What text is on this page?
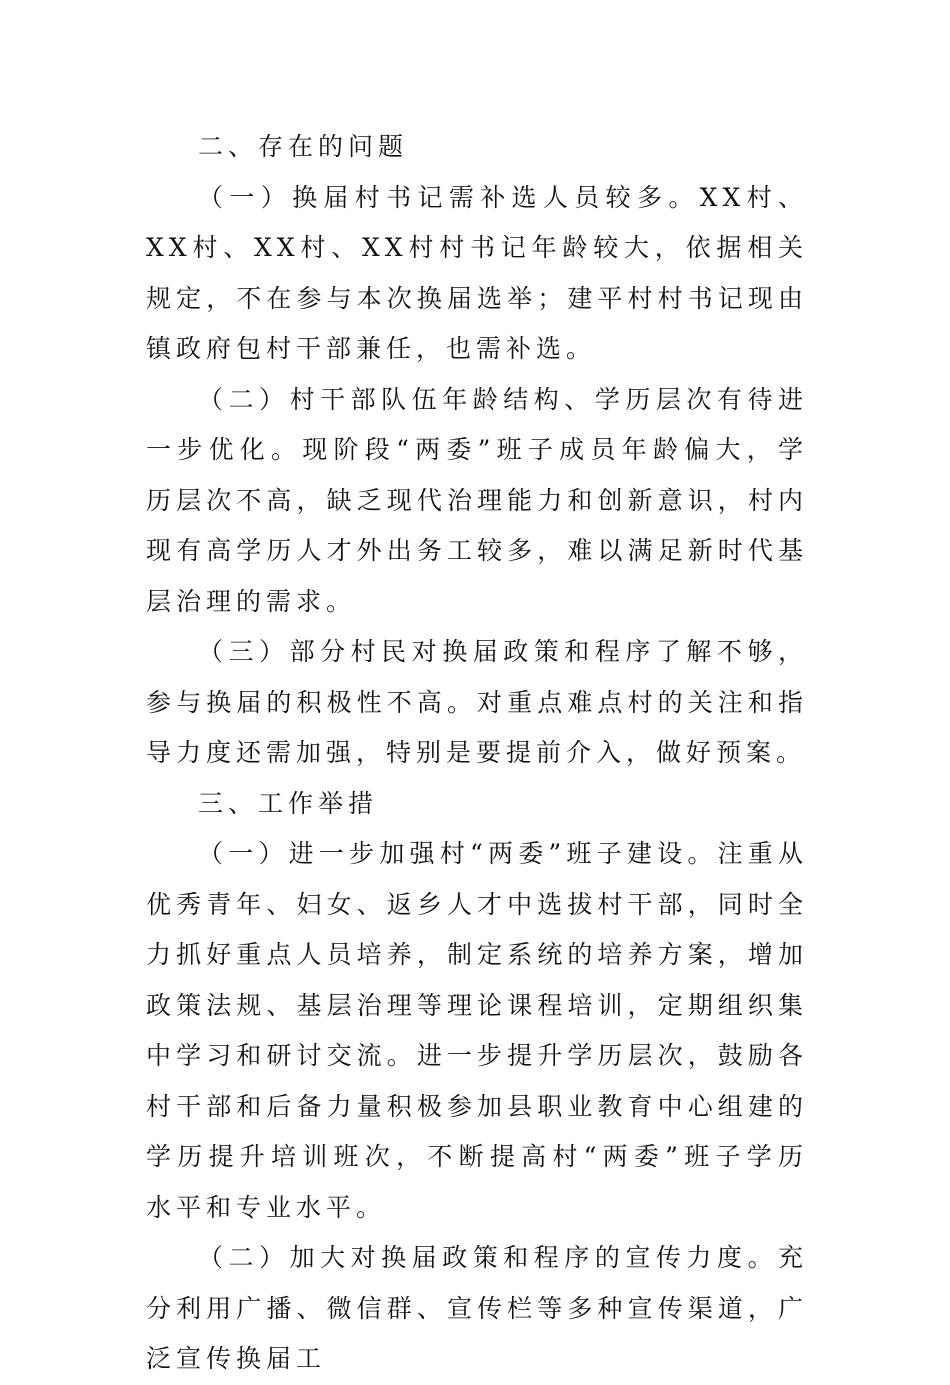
二、存在的问题

（一）换届村书记需补选人员较多。XX村、XX村、XX村、XX村村书记年龄较大，依据相关规定，不在参与本次换届选举；建平村村书记现由镇政府包村干部兼任，也需补选。

（二）村干部队伍年龄结构、学历层次有待进一步优化。现阶段“两委”班子成员年龄偏大，学历层次不高，缺乏现代治理能力和创新意识，村内现有高学历人才外出务工较多，难以满足新时代基层治理的需求。

（三）部分村民对换届政策和程序了解不够，参与换届的积极性不高。对重点难点村的关注和指导力度还需加强，特别是要提前介入，做好预案。

三、工作举措

（一）进一步加强村“两委”班子建设。注重从优秀青年、妇女、返乡人才中选拔村干部，同时全力抓好重点人员培养，制定系统的培养方案，增加政策法规、基层治理等理论课程培训，定期组织集中学习和研讨交流。进一步提升学历层次，鼓励各村干部和后备力量积极参加县职业教育中心组建的学历提升培训班次，不断提高村“两委”班子学历水平和专业水平。

（二）加大对换届政策和程序的宣传力度。充分利用广播、微信群、宣传栏等多种宣传渠道，广泛宣传换届工
